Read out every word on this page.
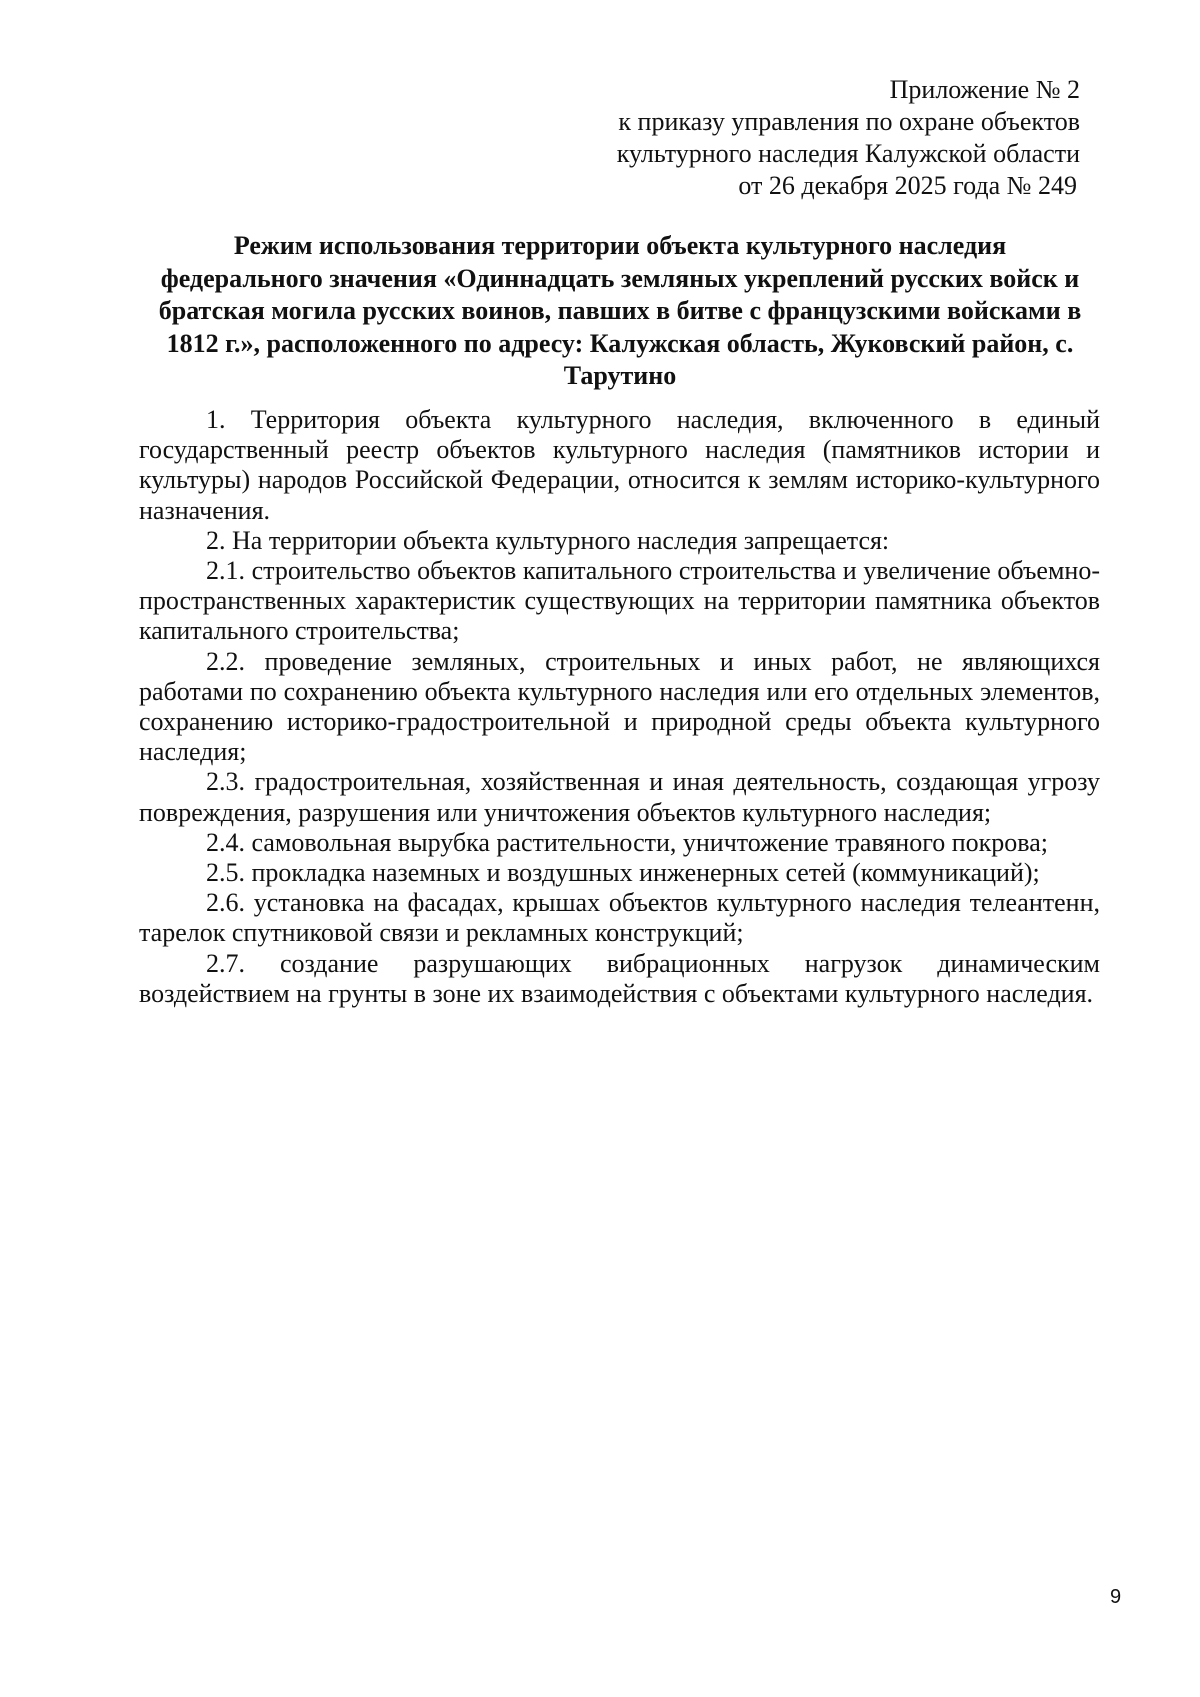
Приложение № 2
к приказу управления по охране объектов
культурного наследия Калужской области
от 26 декабря 2025 года № 249
Режим использования территории объекта культурного наследия
федерального значения «Одиннадцать земляных укреплений русских войск и
братская могила русских воинов, павших в битве с французскими войсками в
1812 г.», расположенного по адресу: Калужская область, Жуковский район, с.
Тарутино

1. Территория объекта культурного наследия, включенного в единый государственный реестр объектов культурного наследия (памятников истории и культуры) народов Российской Федерации, относится к землям историко-культурного назначения.

2. На территории объекта культурного наследия запрещается:

2.1. строительство объектов капитального строительства и увеличение объемно-пространственных характеристик существующих на территории памятника объектов капитального строительства;

2.2. проведение земляных, строительных и иных работ, не являющихся работами по сохранению объекта культурного наследия или его отдельных элементов, сохранению историко-градостроительной и природной среды объекта культурного наследия;

2.3. градостроительная, хозяйственная и иная деятельность, создающая угрозу повреждения, разрушения или уничтожения объектов культурного наследия;

2.4. самовольная вырубка растительности, уничтожение травяного покрова;

2.5. прокладка наземных и воздушных инженерных сетей (коммуникаций);

2.6. установка на фасадах, крышах объектов культурного наследия телеантенн, тарелок спутниковой связи и рекламных конструкций;

2.7. создание разрушающих вибрационных нагрузок динамическим воздействием на грунты в зоне их взаимодействия с объектами культурного наследия.

9
